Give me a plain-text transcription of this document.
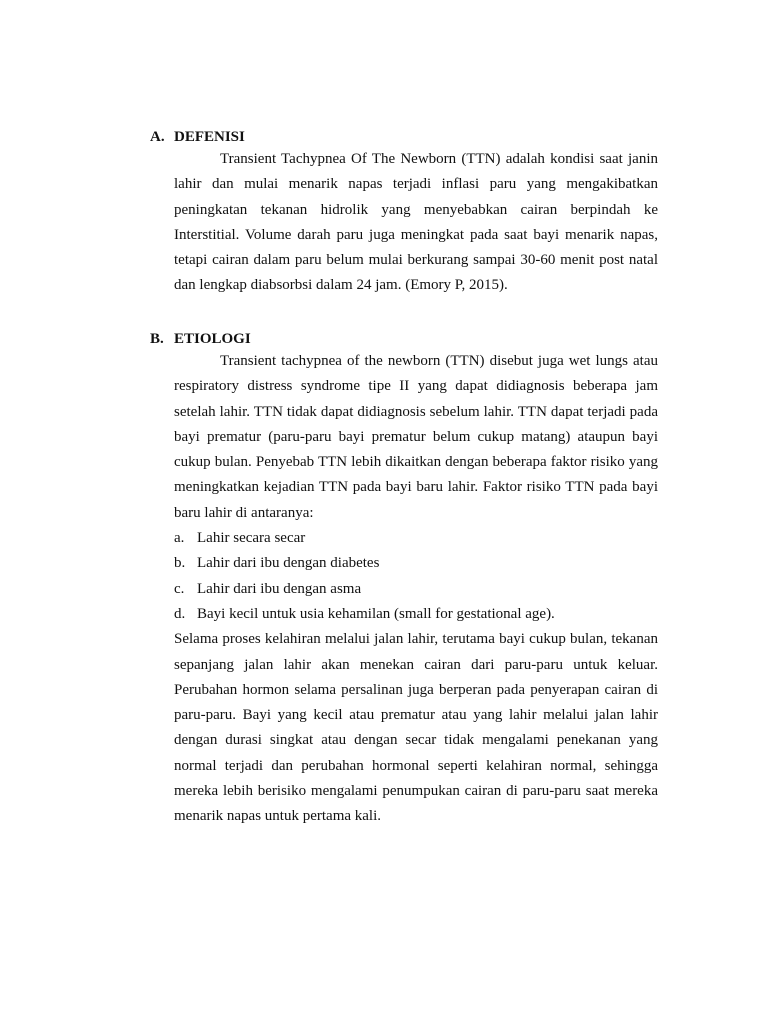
A. DEFENISI

Transient Tachypnea Of The Newborn (TTN) adalah kondisi saat janin lahir dan mulai menarik napas terjadi inflasi paru yang mengakibatkan peningkatan tekanan hidrolik yang menyebabkan cairan berpindah ke Interstitial. Volume darah paru juga meningkat pada saat bayi menarik napas, tetapi cairan dalam paru belum mulai berkurang sampai 30-60 menit post natal dan lengkap diabsorbsi dalam 24 jam. (Emory P, 2015).

B. ETIOLOGI

Transient tachypnea of the newborn (TTN) disebut juga wet lungs atau respiratory distress syndrome tipe II yang dapat didiagnosis beberapa jam setelah lahir. TTN tidak dapat didiagnosis sebelum lahir. TTN dapat terjadi pada bayi prematur (paru-paru bayi prematur belum cukup matang) ataupun bayi cukup bulan. Penyebab TTN lebih dikaitkan dengan beberapa faktor risiko yang meningkatkan kejadian TTN pada bayi baru lahir. Faktor risiko TTN pada bayi baru lahir di antaranya:

a. Lahir secara secar
b. Lahir dari ibu dengan diabetes
c. Lahir dari ibu dengan asma
d. Bayi kecil untuk usia kehamilan (small for gestational age).

Selama proses kelahiran melalui jalan lahir, terutama bayi cukup bulan, tekanan sepanjang jalan lahir akan menekan cairan dari paru-paru untuk keluar. Perubahan hormon selama persalinan juga berperan pada penyerapan cairan di paru-paru. Bayi yang kecil atau prematur atau yang lahir melalui jalan lahir dengan durasi singkat atau dengan secar tidak mengalami penekanan yang normal terjadi dan perubahan hormonal seperti kelahiran normal, sehingga mereka lebih berisiko mengalami penumpukan cairan di paru-paru saat mereka menarik napas untuk pertama kali.
